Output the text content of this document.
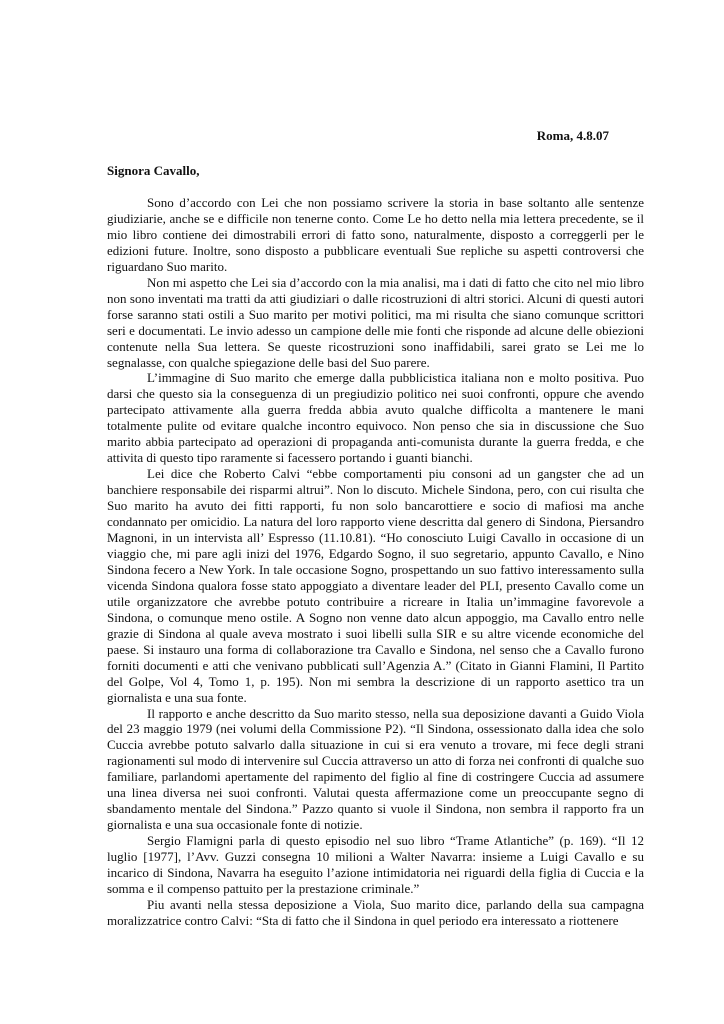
Roma, 4.8.07
Signora Cavallo,

Sono d’accordo con Lei che non possiamo scrivere la storia in base soltanto alle sentenze giudiziarie, anche se e difficile non tenerne conto. Come Le ho detto nella mia lettera precedente, se il mio libro contiene dei dimostrabili errori di fatto sono, naturalmente, disposto a correggerli per le edizioni future. Inoltre, sono disposto a pubblicare eventuali Sue repliche su aspetti controversi che riguardano Suo marito.

Non mi aspetto che Lei sia d’accordo con la mia analisi, ma i dati di fatto che cito nel mio libro non sono inventati ma tratti da atti giudiziari o dalle ricostruzioni di altri storici. Alcuni di questi autori forse saranno stati ostili a Suo marito per motivi politici, ma mi risulta che siano comunque scrittori seri e documentati. Le invio adesso un campione delle mie fonti che risponde ad alcune delle obiezioni contenute nella Sua lettera. Se queste ricostruzioni sono inaffidabili, sarei grato se Lei me lo segnalasse, con qualche spiegazione delle basi del Suo parere.

L’immagine di Suo marito che emerge dalla pubblicistica italiana non e molto positiva. Puo darsi che questo sia la conseguenza di un pregiudizio politico nei suoi confronti, oppure che avendo partecipato attivamente alla guerra fredda abbia avuto qualche difficolta a mantenere le mani totalmente pulite od evitare qualche incontro equivoco. Non penso che sia in discussione che Suo marito abbia partecipato ad operazioni di propaganda anti-comunista durante la guerra fredda, e che attivita di questo tipo raramente si facessero portando i guanti bianchi.

Lei dice che Roberto Calvi “ebbe comportamenti piu consoni ad un gangster che ad un banchiere responsabile dei risparmi altrui”. Non lo discuto. Michele Sindona, pero, con cui risulta che Suo marito ha avuto dei fitti rapporti, fu non solo bancarottiere e socio di mafiosi ma anche condannato per omicidio. La natura del loro rapporto viene descritta dal genero di Sindona, Piersandro Magnoni, in un intervista all’ Espresso (11.10.81). “Ho conosciuto Luigi Cavallo in occasione di un viaggio che, mi pare agli inizi del 1976, Edgardo Sogno, il suo segretario, appunto Cavallo, e Nino Sindona fecero a New York. In tale occasione Sogno, prospettando un suo fattivo interessamento sulla vicenda Sindona qualora fosse stato appoggiato a diventare leader del PLI, presento Cavallo come un utile organizzatore che avrebbe potuto contribuire a ricreare in Italia un’immagine favorevole a Sindona, o comunque meno ostile. A Sogno non venne dato alcun appoggio, ma Cavallo entro nelle grazie di Sindona al quale aveva mostrato i suoi libelli sulla SIR e su altre vicende economiche del paese. Si instauro una forma di collaborazione tra Cavallo e Sindona, nel senso che a Cavallo furono forniti documenti e atti che venivano pubblicati sull’Agenzia A.” (Citato in Gianni Flamini, Il Partito del Golpe, Vol 4, Tomo 1, p. 195). Non mi sembra la descrizione di un rapporto asettico tra un giornalista e una sua fonte.

Il rapporto e anche descritto da Suo marito stesso, nella sua deposizione davanti a Guido Viola del 23 maggio 1979 (nei volumi della Commissione P2). “Il Sindona, ossessionato dalla idea che solo Cuccia avrebbe potuto salvarlo dalla situazione in cui si era venuto a trovare, mi fece degli strani ragionamenti sul modo di intervenire sul Cuccia attraverso un atto di forza nei confronti di qualche suo familiare, parlandomi apertamente del rapimento del figlio al fine di costringere Cuccia ad assumere una linea diversa nei suoi confronti. Valutai questa affermazione come un preoccupante segno di sbandamento mentale del Sindona.” Pazzo quanto si vuole il Sindona, non sembra il rapporto fra un giornalista e una sua occasionale fonte di notizie.

Sergio Flamigni parla di questo episodio nel suo libro “Trame Atlantiche” (p. 169). “Il 12 luglio [1977], l’Avv. Guzzi consegna 10 milioni a Walter Navarra: insieme a Luigi Cavallo e su incarico di Sindona, Navarra ha eseguito l’azione intimidatoria nei riguardi della figlia di Cuccia e la somma e il compenso pattuito per la prestazione criminale.”

Piu avanti nella stessa deposizione a Viola, Suo marito dice, parlando della sua campagna moralizzatrice contro Calvi: “Sta di fatto che il Sindona in quel periodo era interessato a riottenere
